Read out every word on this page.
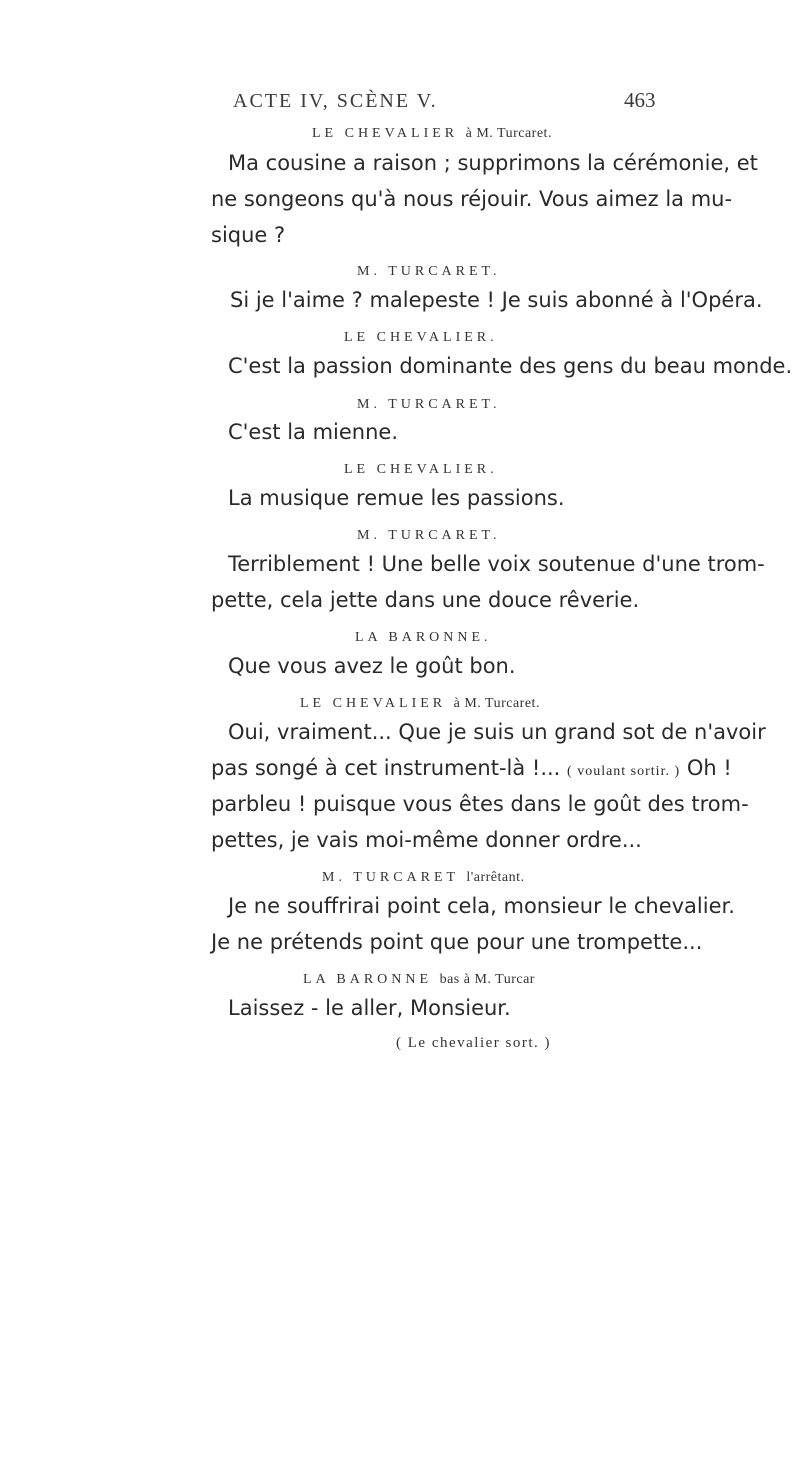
ACTE IV, SCÈNE V.	463
LE CHEVALIER à M. Turcaret.
Ma cousine a raison ; supprimons la cérémonie, et
ne songeons qu'à nous réjouir. Vous aimez la mu-
sique ?
M. TURCARET.
Si je l'aime ? malepeste ! Je suis abonné à l'Opéra.
LE CHEVALIER.
C'est la passion dominante des gens du beau monde.
M. TURCARET.
C'est la mienne.
LE CHEVALIER.
La musique remue les passions.
M. TURCARET.
Terriblement ! Une belle voix soutenue d'une trom-
pette, cela jette dans une douce rêverie.
LA BARONNE.
Que vous avez le goût bon.
LE CHEVALIER à M. Turcaret.
Oui, vraiment... Que je suis un grand sot de n'avoir
pas songé à cet instrument-là !... ( voulant sortir. ) Oh !
parbleu ! puisque vous êtes dans le goût des trom-
pettes, je vais moi-même donner ordre...
M. TURCARET l'arrêtant.
Je ne souffrirai point cela, monsieur le chevalier.
Je ne prétends point que pour une trompette...
LA BARONNE bas à M. Turcar
Laissez - le aller, Monsieur.
( Le chevalier sort. )
